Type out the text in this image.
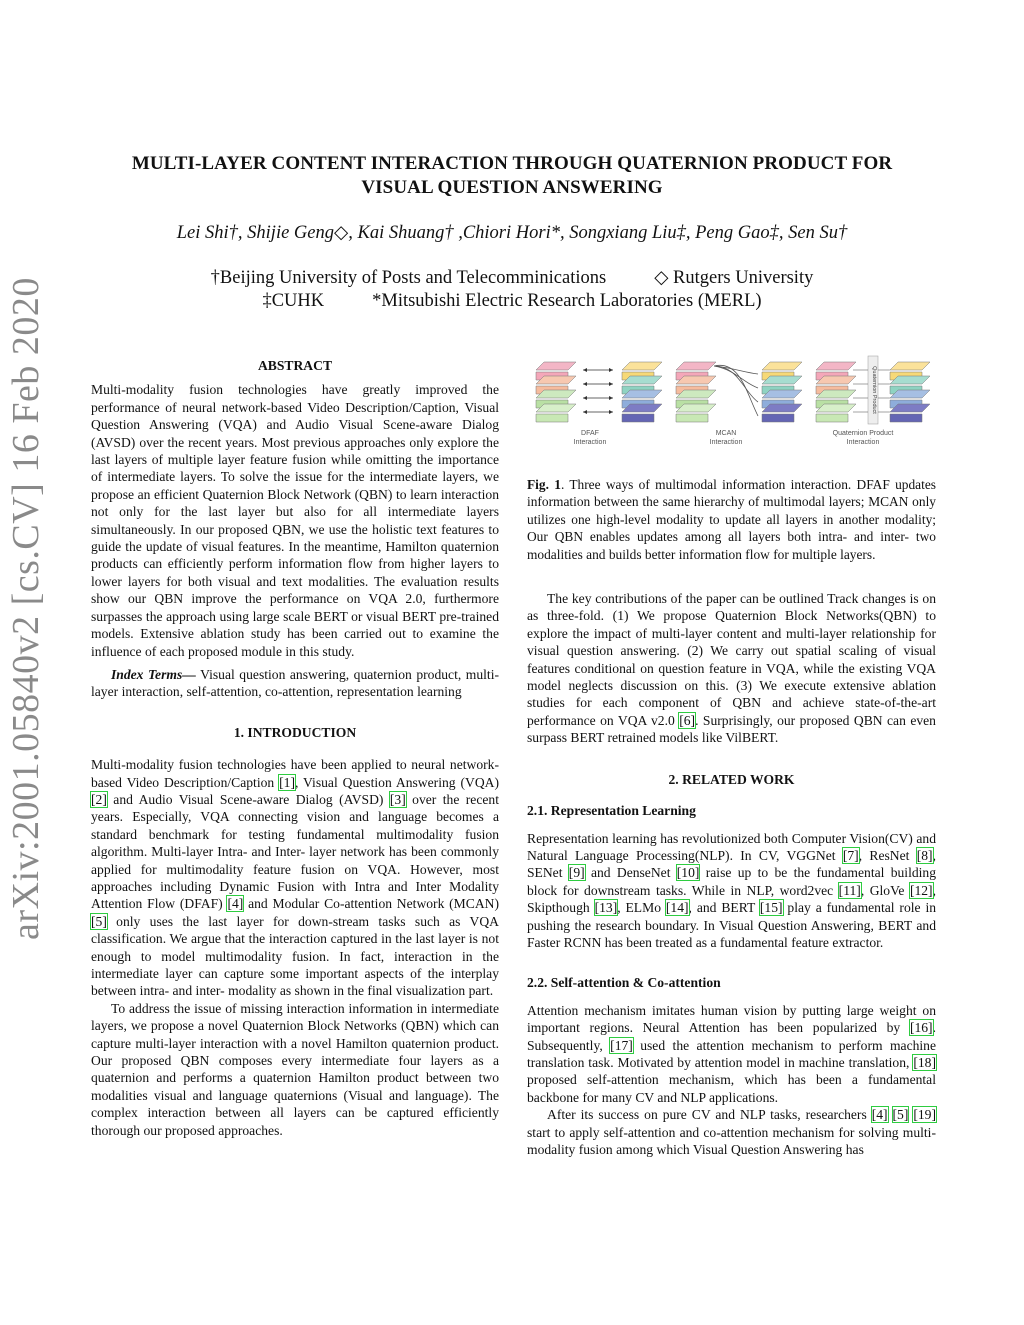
MULTI-LAYER CONTENT INTERACTION THROUGH QUATERNION PRODUCT FOR
VISUAL QUESTION ANSWERING
Lei Shi†, Shijie Geng◇, Kai Shuang† ,Chiori Hori*, Songxiang Liu‡, Peng Gao‡, Sen Su†
†Beijing University of Posts and Telecomminications	◇ Rutgers University
‡CUHK	*Mitsubishi Electric Research Laboratories (MERL)
arXiv:2001.05840v2 [cs.CV] 16 Feb 2020	ABSTRACT

Multi-modality fusion technologies have greatly improved the performance of neural network-based Video Description/Caption, Visual Question Answering (VQA) and Audio Visual Scene-aware Dialog (AVSD) over the recent years. Most previous approaches only explore the last layers of multiple layer feature fusion while omitting the importance of intermediate layers. To solve the issue for the intermediate layers, we propose an efficient Quaternion Block Network (QBN) to learn interaction not only for the last layer but also for all intermediate layers simultaneously. In our proposed QBN, we use the holistic text features to guide the update of visual features. In the meantime, Hamilton quaternion products can efficiently perform information flow from higher layers to lower layers for both visual and text modalities. The evaluation results show our QBN improve the performance on VQA 2.0, furthermore surpasses the approach using large scale BERT or visual BERT pre-trained models. Extensive ablation study has been carried out to examine the influence of each proposed module in this study.

Index Terms— Visual question answering, quaternion product, multi-layer interaction, self-attention, co-attention, representation learning

1. INTRODUCTION

Multi-modality fusion technologies have been applied to neural network-based Video Description/Caption [1], Visual Question Answering (VQA) [2] and Audio Visual Scene-aware Dialog (AVSD) [3] over the recent years. Especially, VQA connecting vision and language becomes a standard benchmark for testing fundamental multimodality fusion algorithm. Multi-layer Intra- and Inter- layer network has been commonly applied for multimodality feature fusion on VQA. However, most approaches including Dynamic Fusion with Intra and Inter Modality Attention Flow (DFAF) [4] and Modular Co-attention Network (MCAN) [5] only uses the last layer for down-stream tasks such as VQA classification. We argue that the interaction captured in the last layer is not enough to model multimodality fusion. In fact, interaction in the intermediate layer can capture some important aspects of the interplay between intra- and inter- modality as shown in the final visualization part.

To address the issue of missing interaction information in intermediate layers, we propose a novel Quaternion Block Networks (QBN) which can capture multi-layer interaction with a novel Hamilton quaternion product. Our proposed QBN composes every intermediate four layers as a quaternion and performs a quaternion Hamilton product between two modalities visual and language quaternions (Visual and language). The complex interaction between all layers can be captured efficiently thorough our proposed approaches.

Quaternion Product
DFAF
Interaction
MCAN
Interaction
Quaternion Product
Interaction

Fig. 1. Three ways of multimodal information interaction. DFAF updates information between the same hierarchy of multimodal layers; MCAN only utilizes one high-level modality to update all layers in another modality; Our QBN enables updates among all layers both intra- and inter- two modalities and builds better information flow for multiple layers.

The key contributions of the paper can be outlined Track changes is on as three-fold. (1) We propose Quaternion Block Networks(QBN) to explore the impact of multi-layer content and multi-layer relationship for visual question answering. (2) We carry out spatial scaling of visual features conditional on question feature in VQA, while the existing VQA model neglects discussion on this. (3) We execute extensive ablation studies for each component of QBN and achieve state-of-the-art performance on VQA v2.0 [6]. Surprisingly, our proposed QBN can even surpass BERT retrained models like VilBERT.

2. RELATED WORK
2.1. Representation Learning

Representation learning has revolutionized both Computer Vision(CV) and Natural Language Processing(NLP). In CV, VGGNet [7], ResNet [8], SENet [9] and DenseNet [10] raise up to be the fundamental building block for downstream tasks. While in NLP, word2vec [11], GloVe [12], Skipthough [13], ELMo [14], and BERT [15] play a fundamental role in pushing the research boundary. In Visual Question Answering, BERT and Faster RCNN has been treated as a fundamental feature extractor.

2.2. Self-attention & Co-attention

Attention mechanism imitates human vision by putting large weight on important regions. Neural Attention has been popularized by [16]. Subsequently, [17] used the attention mechanism to perform machine translation task. Motivated by attention model in machine translation, [18] proposed self-attention mechanism, which has been a fundamental backbone for many CV and NLP applications.

After its success on pure CV and NLP tasks, researchers [4] [5] [19] start to apply self-attention and co-attention mechanism for solving multi-modality fusion among which Visual Question Answering has
